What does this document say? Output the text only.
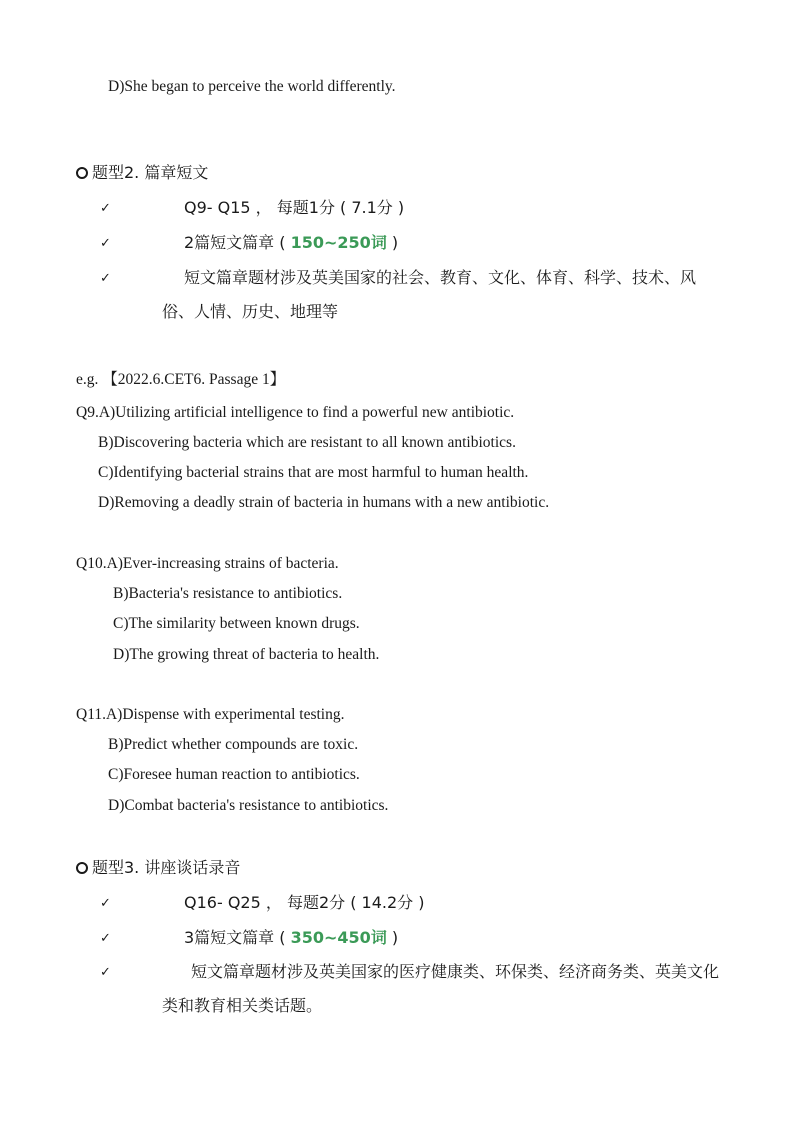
D)She began to perceive the world differently.
题型2. 篇章短文
✓	Q9- Q15 ， 每题1分 ( 7.1分 )
✓	2篇短文篇章 ( 150~250词 )
✓	短文篇章题材涉及英美国家的社会、教育、文化、体育、科学、技术、风
俗、人情、历史、地理等
e.g. 【2022.6.CET6. Passage 1】
Q9.A)Utilizing artificial intelligence to find a powerful new antibiotic.
B)Discovering bacteria which are resistant to all known antibiotics.
C)Identifying bacterial strains that are most harmful to human health.
D)Removing a deadly strain of bacteria in humans with a new antibiotic.
Q10.A)Ever-increasing strains of bacteria.
B)Bacteria's resistance to antibiotics.
C)The similarity between known drugs.
D)The growing threat of bacteria to health.
Q11.A)Dispense with experimental testing.
B)Predict whether compounds are toxic.
C)Foresee human reaction to antibiotics.
D)Combat bacteria's resistance to antibiotics.
题型3. 讲座谈话录音
✓	Q16- Q25 ， 每题2分 ( 14.2分 )
✓	3篇短文篇章 ( 350~450词 )
✓	短文篇章题材涉及英美国家的医疗健康类、环保类、经济商务类、英美文化
类和教育相关类话题。
